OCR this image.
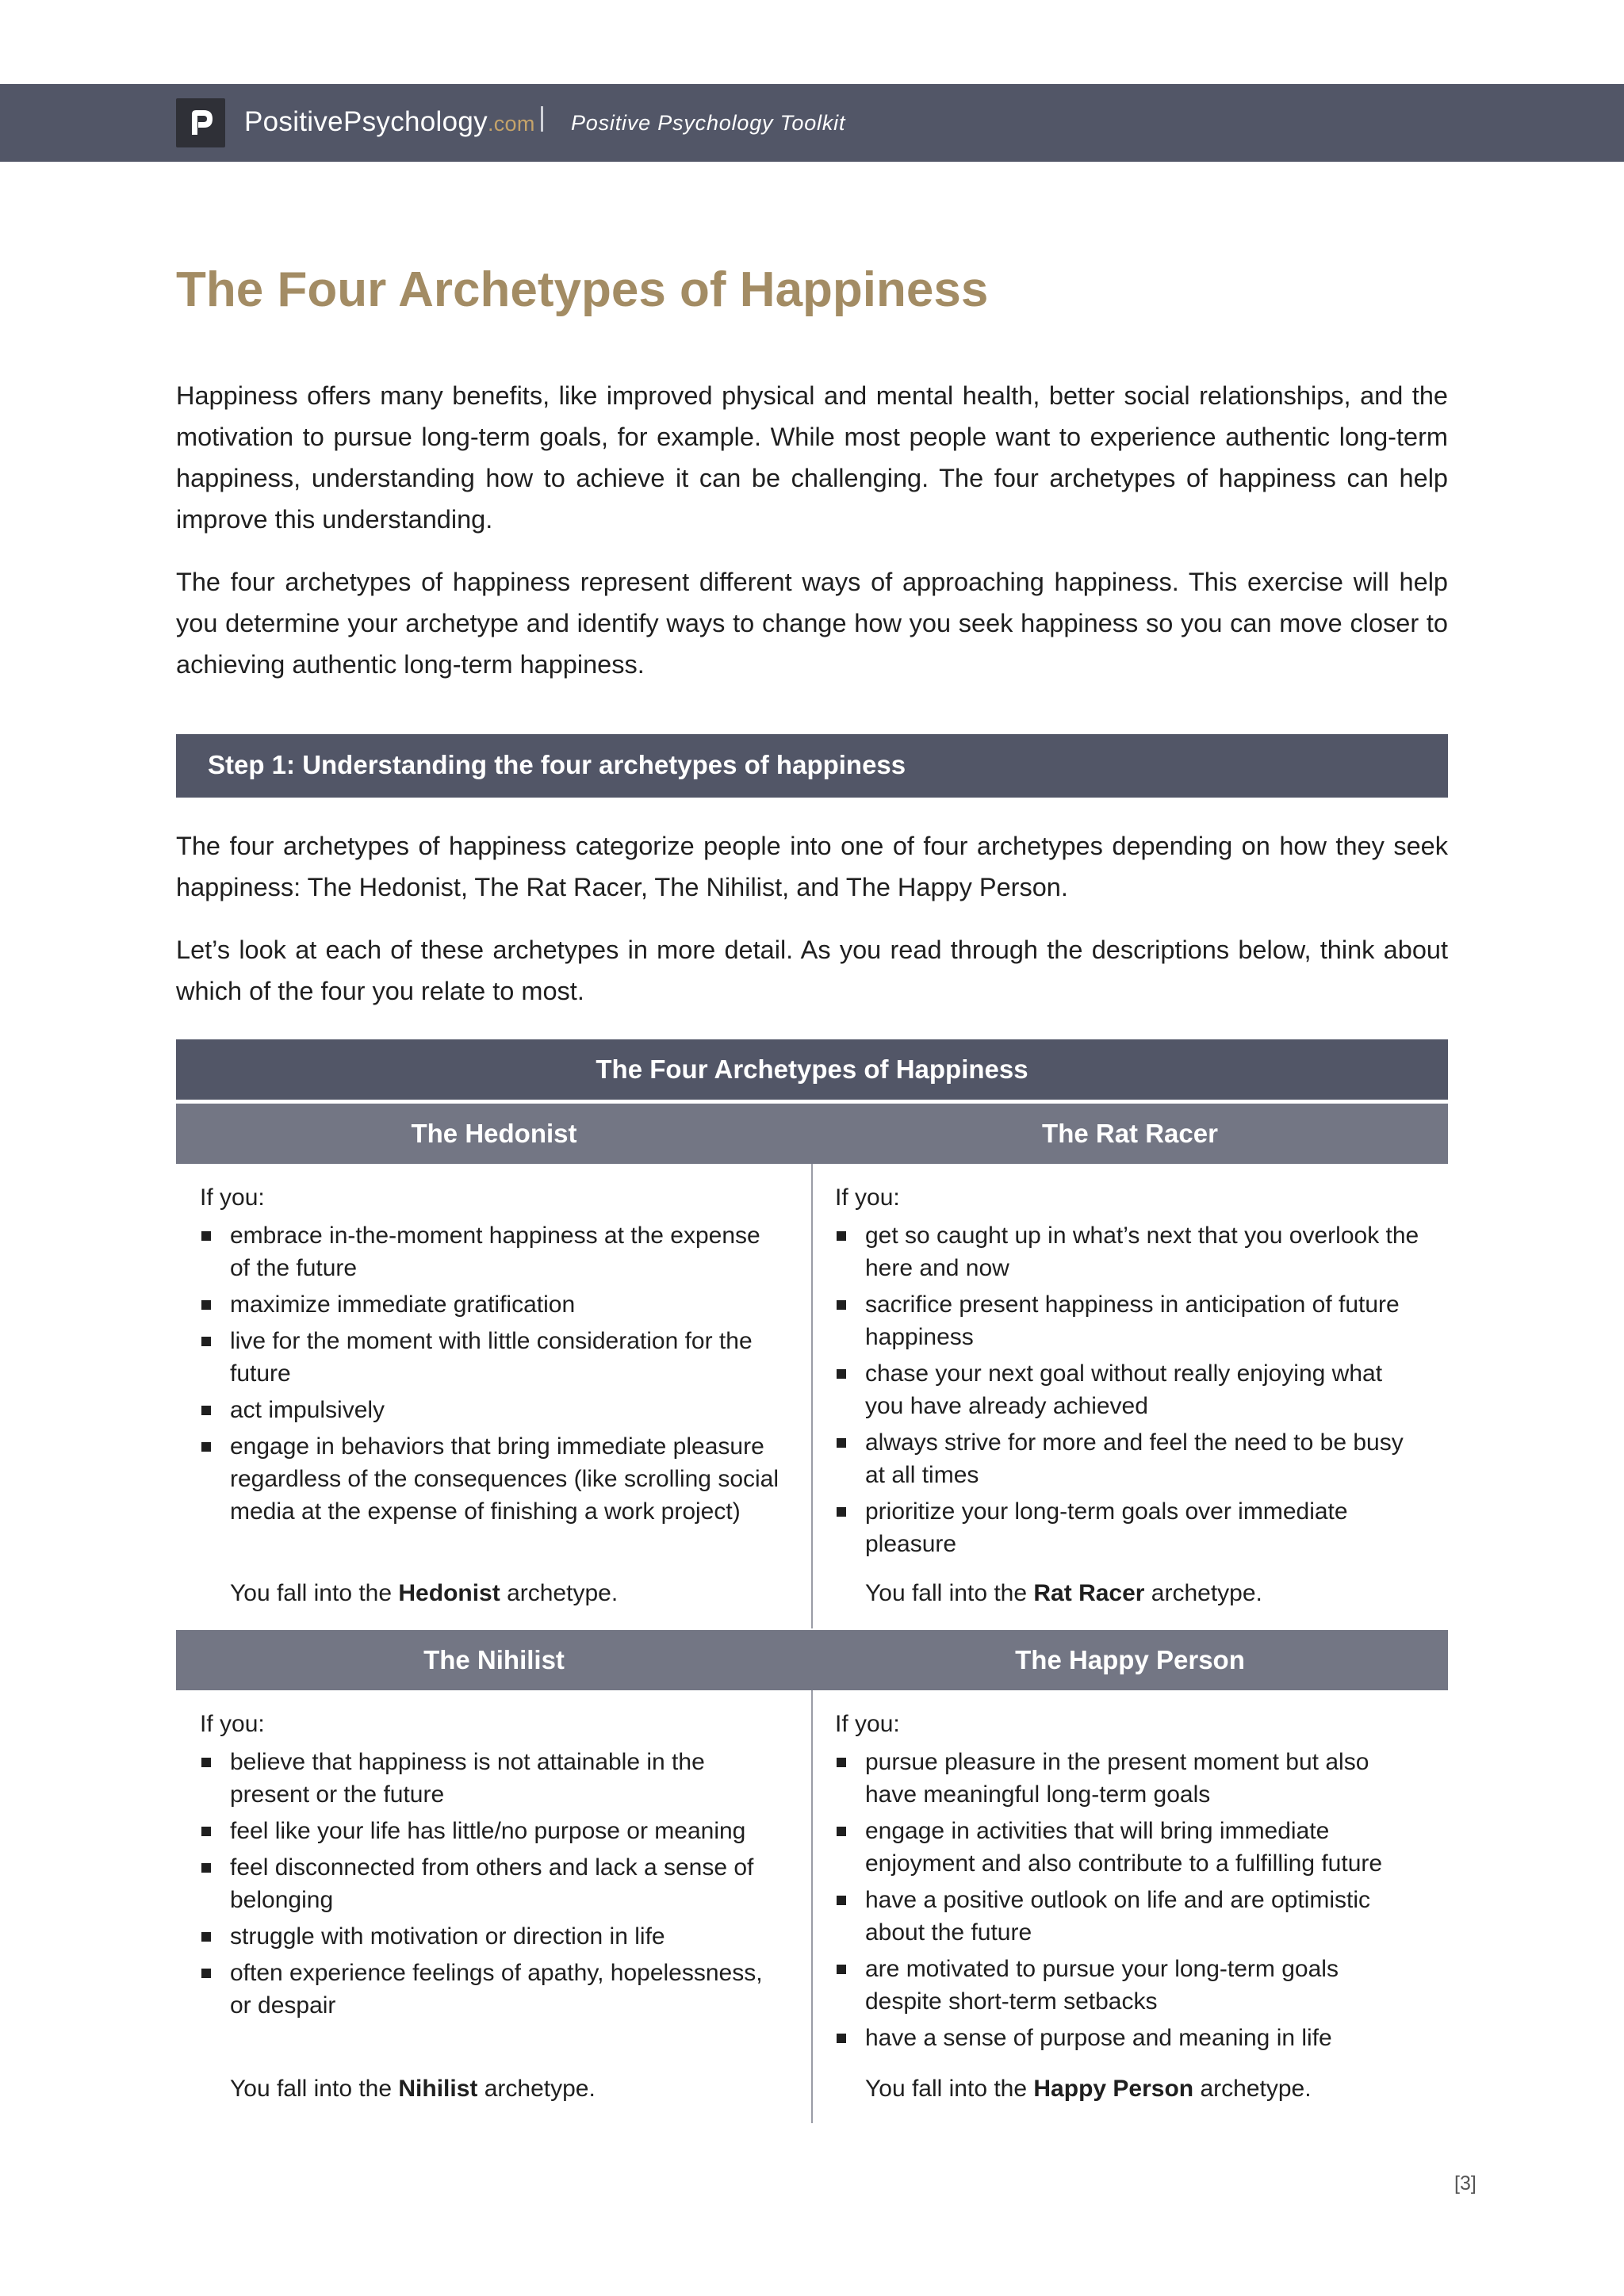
PositivePsychology.com Positive Psychology Toolkit
The Four Archetypes of Happiness

Happiness offers many benefits, like improved physical and mental health, better social relationships, and the motivation to pursue long-term goals, for example. While most people want to experience authentic long-term happiness, understanding how to achieve it can be challenging. The four archetypes of happiness can help improve this understanding.

The four archetypes of happiness represent different ways of approaching happiness. This exercise will help you determine your archetype and identify ways to change how you seek happiness so you can move closer to achieving authentic long-term happiness.

Step 1: Understanding the four archetypes of happiness

The four archetypes of happiness categorize people into one of four archetypes depending on how they seek happiness: The Hedonist, The Rat Racer, The Nihilist, and The Happy Person.

Let’s look at each of these archetypes in more detail. As you read through the descriptions below, think about which of the four you relate to most.

The Four Archetypes of Happiness
The Hedonist	The Rat Racer
If you:
embrace in-the-moment happiness at the expense of the future
maximize immediate gratification
live for the moment with little consideration for the future
act impulsively
engage in behaviors that bring immediate pleasure regardless of the consequences (like scrolling social media at the expense of finishing a work project)
You fall into the Hedonist archetype.
If you:
get so caught up in what’s next that you overlook the here and now
sacrifice present happiness in anticipation of future happiness
chase your next goal without really enjoying what you have already achieved
always strive for more and feel the need to be busy at all times
prioritize your long-term goals over immediate pleasure
You fall into the Rat Racer archetype.
The Nihilist	The Happy Person
If you:
believe that happiness is not attainable in the present or the future
feel like your life has little/no purpose or meaning
feel disconnected from others and lack a sense of belonging
struggle with motivation or direction in life
often experience feelings of apathy, hopelessness, or despair
You fall into the Nihilist archetype.
If you:
pursue pleasure in the present moment but also have meaningful long-term goals
engage in activities that will bring immediate enjoyment and also contribute to a fulfilling future
have a positive outlook on life and are optimistic about the future
are motivated to pursue your long-term goals despite short-term setbacks
have a sense of purpose and meaning in life
You fall into the Happy Person archetype.
[3]
